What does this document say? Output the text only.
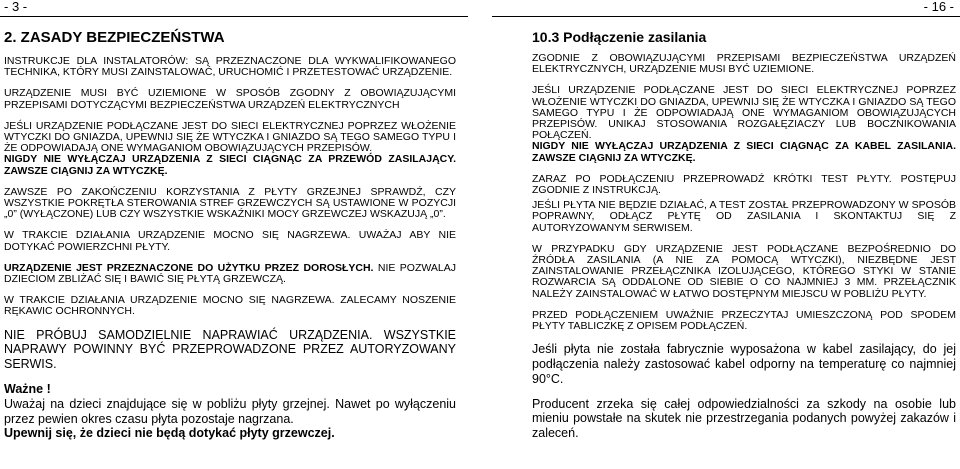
- 3 -	- 16 -
2. ZASADY BEZPIECZEŃSTWA

INSTRUKCJE DLA INSTALATORÓW: SĄ PRZEZNACZONE DLA WYKWALIFIKOWANEGO TECHNIKA, KTÓRY MUSI ZAINSTALOWAĆ, URUCHOMIĆ I PRZETESTOWAĆ URZĄDZENIE.

URZĄDZENIE MUSI BYĆ UZIEMIONE W SPOSÓB ZGODNY Z OBOWIĄZUJĄCYMI PRZEPISAMI DOTYCZĄCYMI BEZPIECZEŃSTWA URZĄDZEŃ ELEKTRYCZNYCH

JEŚLI URZĄDZENIE PODŁĄCZANE JEST DO SIECI ELEKTRYCZNEJ POPRZEZ WŁOŻENIE WTYCZKI DO GNIAZDA, UPEWNIJ SIĘ ŻE WTYCZKA I GNIAZDO SĄ TEGO SAMEGO TYPU I ŻE ODPOWIADAJĄ ONE WYMAGANIOM OBOWIĄZUJĄCYCH PRZEPISÓW.
NIGDY NIE WYŁĄCZAJ URZĄDZENIA Z SIECI CIĄGNĄC ZA PRZEWÓD ZASILAJĄCY. ZAWSZE CIĄGNIJ ZA WTYCZKĘ.

ZAWSZE PO ZAKOŃCZENIU KORZYSTANIA Z PŁYTY GRZEJNEJ SPRAWDŹ, CZY WSZYSTKIE POKRĘTŁA STEROWANIA STREF GRZEWCZYCH SĄ USTAWIONE W POZYCJI „0” (WYŁĄCZONE) LUB CZY WSZYSTKIE WSKAŹNIKI MOCY GRZEWCZEJ WSKAZUJĄ „0”.

W TRAKCIE DZIAŁANIA URZĄDZENIE MOCNO SIĘ NAGRZEWA. UWAŻAJ ABY NIE DOTYKAĆ POWIERZCHNI PŁYTY.

URZĄDZENIE JEST PRZEZNACZONE DO UŻYTKU PRZEZ DOROSŁYCH. NIE POZWALAJ DZIECIOM ZBLIŻAĆ SIĘ I BAWIĆ SIĘ PŁYTĄ GRZEWCZĄ.

W TRAKCIE DZIAŁANIA URZĄDZENIE MOCNO SIĘ NAGRZEWA. ZALECAMY NOSZENIE RĘKAWIC OCHRONNYCH.

NIE PRÓBUJ SAMODZIELNIE NAPRAWIAĆ URZĄDZENIA. WSZYSTKIE NAPRAWY POWINNY BYĆ PRZEPROWADZONE PRZEZ AUTORYZOWANY SERWIS.

Ważne !
Uważaj na dzieci znajdujące się w pobliżu płyty grzejnej. Nawet po wyłączeniu przez pewien okres czasu płyta pozostaje nagrzana.
Upewnij się, że dzieci nie będą dotykać płyty grzewczej.

10.3 Podłączenie zasilania

ZGODNIE Z OBOWIĄZUJĄCYMI PRZEPISAMI BEZPIECZEŃSTWA URZĄDZEŃ ELEKTRYCZNYCH, URZĄDZENIE MUSI BYĆ UZIEMIONE.

JEŚLI URZĄDZENIE PODŁĄCZANE JEST DO SIECI ELEKTRYCZNEJ POPRZEZ WŁOŻENIE WTYCZKI DO GNIAZDA, UPEWNIJ SIĘ ŻE WTYCZKA I GNIAZDO SĄ TEGO SAMEGO TYPU I ŻE ODPOWIADAJĄ ONE WYMAGANIOM OBOWIĄZUJĄCYCH PRZEPISÓW. UNIKAJ STOSOWANIA ROZGAŁĘZIACZY LUB BOCZNIKOWANIA POŁĄCZEŃ.
NIGDY NIE WYŁĄCZAJ URZĄDZENIA Z SIECI CIĄGNĄC ZA KABEL ZASILANIA. ZAWSZE CIĄGNIJ ZA WTYCZKĘ.

ZARAZ PO PODŁĄCZENIU PRZEPROWADŹ KRÓTKI TEST PŁYTY. POSTĘPUJ ZGODNIE Z INSTRUKCJĄ.

JEŚLI PŁYTA NIE BĘDZIE DZIAŁAĆ, A TEST ZOSTAŁ PRZEPROWADZONY W SPOSÓB POPRAWNY, ODŁĄCZ PŁYTĘ OD ZASILANIA I SKONTAKTUJ SIĘ Z AUTORYZOWANYM SERWISEM.

W PRZYPADKU GDY URZĄDZENIE JEST PODŁĄCZANE BEZPOŚREDNIO DO ŹRÓDŁA ZASILANIA (A NIE ZA POMOCĄ WTYCZKI), NIEZBĘDNE JEST ZAINSTALOWANIE PRZEŁĄCZNIKA IZOLUJĄCEGO, KTÓREGO STYKI W STANIE ROZWARCIA SĄ ODDALONE OD SIEBIE O CO NAJMNIEJ 3 MM. PRZEŁĄCZNIK NALEŻY ZAINSTALOWAĆ W ŁATWO DOSTĘPNYM MIEJSCU W POBLIŻU PŁYTY.

PRZED PODŁĄCZENIEM UWAŻNIE PRZECZYTAJ UMIESZCZONĄ POD SPODEM PŁYTY TABLICZKĘ Z OPISEM PODŁĄCZEŃ.

Jeśli płyta nie została fabrycznie wyposażona w kabel zasilający, do jej podłączenia należy zastosować kabel odporny na temperaturę co najmniej 90°C.

Producent zrzeka się całej odpowiedzialności za szkody na osobie lub mieniu powstałe na skutek nie przestrzegania podanych powyżej zakazów i zaleceń.
